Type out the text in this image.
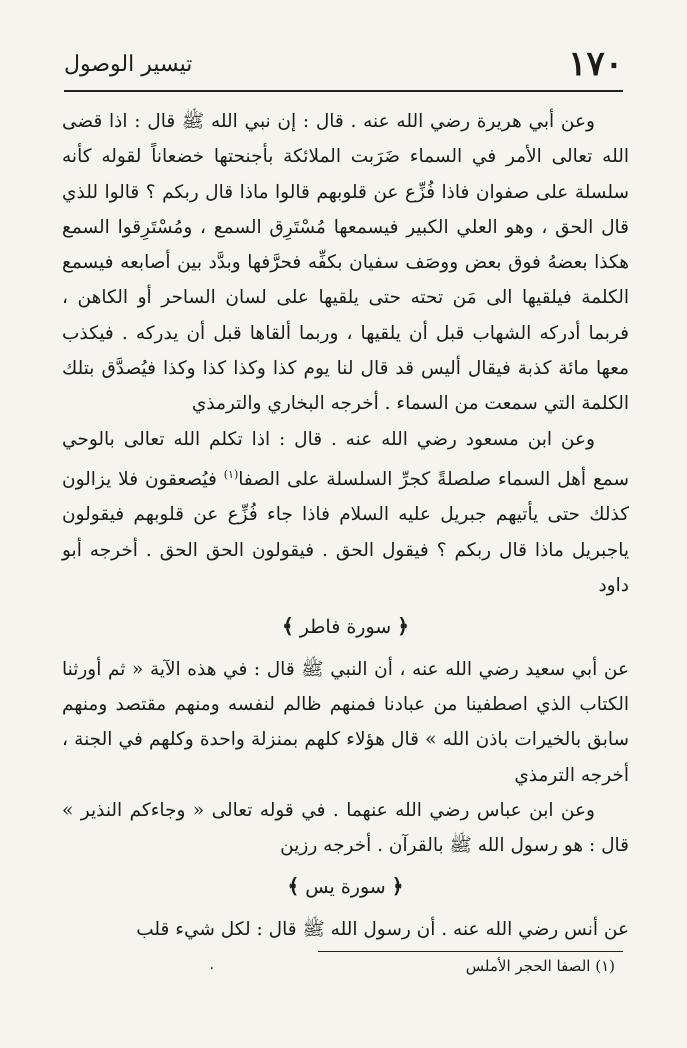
١٧٠
تيسير الوصول

وعن أبي هريرة رضي الله عنه . قال : إن نبي الله ﷺ قال : اذا قضى الله تعالى الأمر في السماء ضَرَبت الملائكة بأجنحتها خضعاناً لقوله كأنه سلسلة على صفوان فاذا فُزِّع عن قلوبهم قالوا ماذا قال ربكم ؟ قالوا للذي قال الحق ، وهو العلي الكبير فيسمعها مُسْتَرِق السمع ، ومُسْتَرِقوا السمع هكذا بعضهُ فوق بعض ووصَف سفيان بكفِّه فحرَّفها وبدَّد بين أصابعه فيسمع الكلمة فيلقيها الى مَن تحته حتى يلقيها على لسان الساحر أو الكاهن ، فربما أدركه الشهاب قبل أن يلقيها ، وربما ألقاها قبل أن يدركه . فيكذب معها مائة كذبة فيقال أليس قد قال لنا يوم كذا وكذا كذا وكذا فيُصدَّق بتلك الكلمة التي سمعت من السماء . أخرجه البخاري والترمذي

وعن ابن مسعود رضي الله عنه . قال : اذا تكلم الله تعالى بالوحي سمع أهل السماء صلصلةً كجرِّ السلسلة على الصفا$^{(١)}$ فيُصعقون فلا يزالون كذلك حتى يأتيهم جبريل عليه السلام فاذا جاء فُزِّع عن قلوبهم فيقولون ياجبريل ماذا قال ربكم ؟ فيقول الحق . فيقولون الحق الحق . أخرجه أبو داود

﴿ سورة فاطر ﴾

عن أبي سعيد رضي الله عنه ، أن النبي ﷺ قال : في هذه الآية « ثم أورثنا الكتاب الذي اصطفينا من عبادنا فمنهم ظالم لنفسه ومنهم مقتصد ومنهم سابق بالخيرات باذن الله » قال هؤلاء كلهم بمنزلة واحدة وكلهم في الجنة ، أخرجه الترمذي

وعن ابن عباس رضي الله عنهما . في قوله تعالى « وجاءكم النذير » قال : هو رسول الله ﷺ بالقرآن . أخرجه رزين

﴿ سورة يس ﴾

عن أنس رضي الله عنه . أن رسول الله ﷺ قال : لكل شيء قلب

(١) الصفا الحجر الأملس
٠
